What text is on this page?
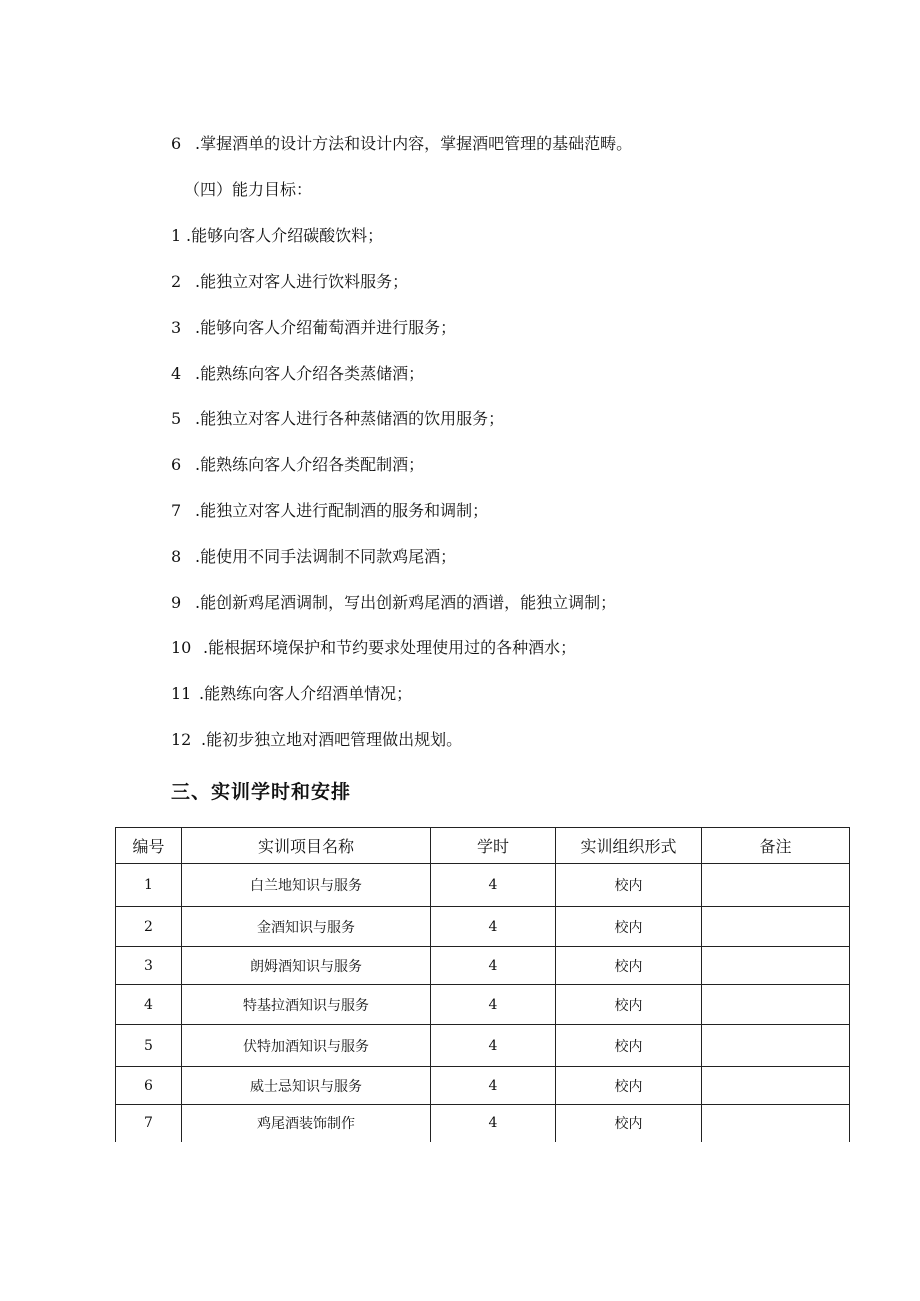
6 .掌握酒单的设计方法和设计内容，掌握酒吧管理的基础范畴。
（四）能力目标：
1 .能够向客人介绍碳酸饮料；
2 .能独立对客人进行饮料服务；
3 .能够向客人介绍葡萄酒并进行服务；
4 .能熟练向客人介绍各类蒸储酒；
5 .能独立对客人进行各种蒸储酒的饮用服务；
6 .能熟练向客人介绍各类配制酒；
7 .能独立对客人进行配制酒的服务和调制；
8 .能使用不同手法调制不同款鸡尾酒；
9 .能创新鸡尾酒调制，写出创新鸡尾酒的酒谱，能独立调制；
10 .能根据环境保护和节约要求处理使用过的各种酒水；
11 .能熟练向客人介绍酒单情况；
12 .能初步独立地对酒吧管理做出规划。
三、实训学时和安排
编号	实训项目名称	学时	实训组织形式	备注
1	白兰地知识与服务	4	校内	
2	金酒知识与服务	4	校内	
3	朗姆酒知识与服务	4	校内	
4	特基拉酒知识与服务	4	校内	
5	伏特加酒知识与服务	4	校内	
6	威士忌知识与服务	4	校内	
7	鸡尾酒装饰制作	4	校内	
